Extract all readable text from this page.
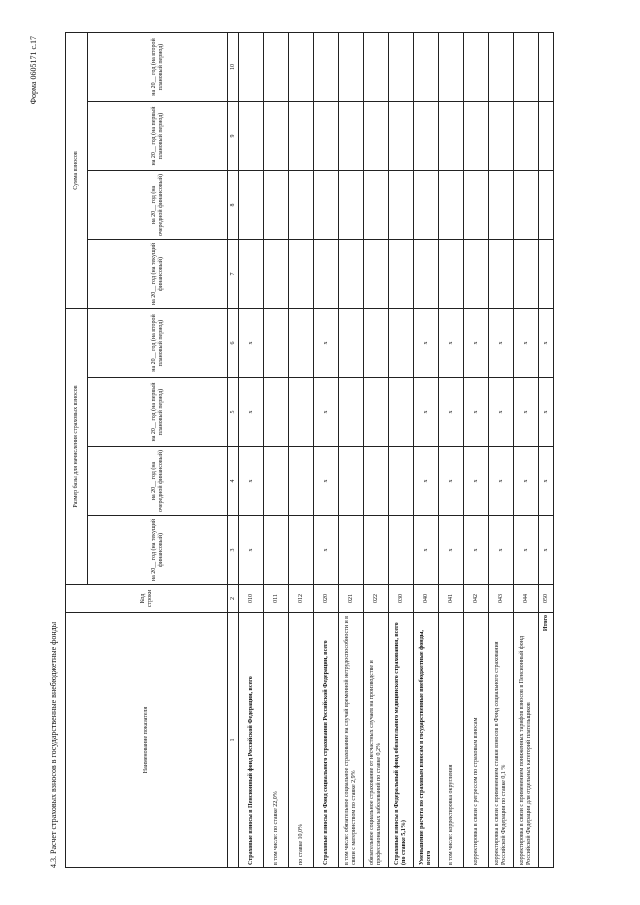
Форма 0605171 с.17
4.3. Расчет страховых взносов в государственные внебюджетные фонды	Наименование показателя	Код строки	Размер базы для начисления страховых взносов				Сумма взносов			
		на 20__ год (на текущий финансовый)	на 20__ год (на очередной финансовый)	на 20__ год (на первый плановый период)	на 20__ год (на второй плановый период)	на 20__ год (на текущий финансовый)	на 20__ год (на очередной финансовый)	на 20__ год (на первый плановый период)	на 20__ год (на второй плановый период)
1	2	3	4	5	6	7	8	9	10
Страховые взносы в Пенсионный фонд Российской Федерации, всего	010	x	x	x	x				
в том числе: по ставке 22,0%	011								
по ставке 10,0%	012								
Страховые взносы в Фонд социального страхования Российской Федерации, всего	020	x	x	x	x				
в том числе: обязательное социальное страхование на случай временной нетрудоспособности и в связи с материнством по ставке 2,9%	021								
обязательное социальное страхование от несчастных случаев на производстве и профессиональных заболеваний по ставке 0,2%	022								
Страховые взносы в Федеральный фонд обязательного медицинского страхования, всего (по ставке 5,1%)	030								
Уменьшение расчета по страховым взносам в государственные внебюджетные фонды, всего	040	x	x	x	x				
в том числе: корректировка округления	041	x	x	x	x				
корректировка в связи с регрессом по страховым взносам	042	x	x	x	x				
корректировка в связи с применением ставки взносов в Фонд социального страхования Российской Федерации по ставке 0,1 %	043	x	x	x	x				
корректировка в связи с применением пониженных тарифов взносов в Пенсионный фонд Российской Федерации для отдельных категорий плательщиков	044	x	x	x	x				
Итого	050	x	x	x	x				
